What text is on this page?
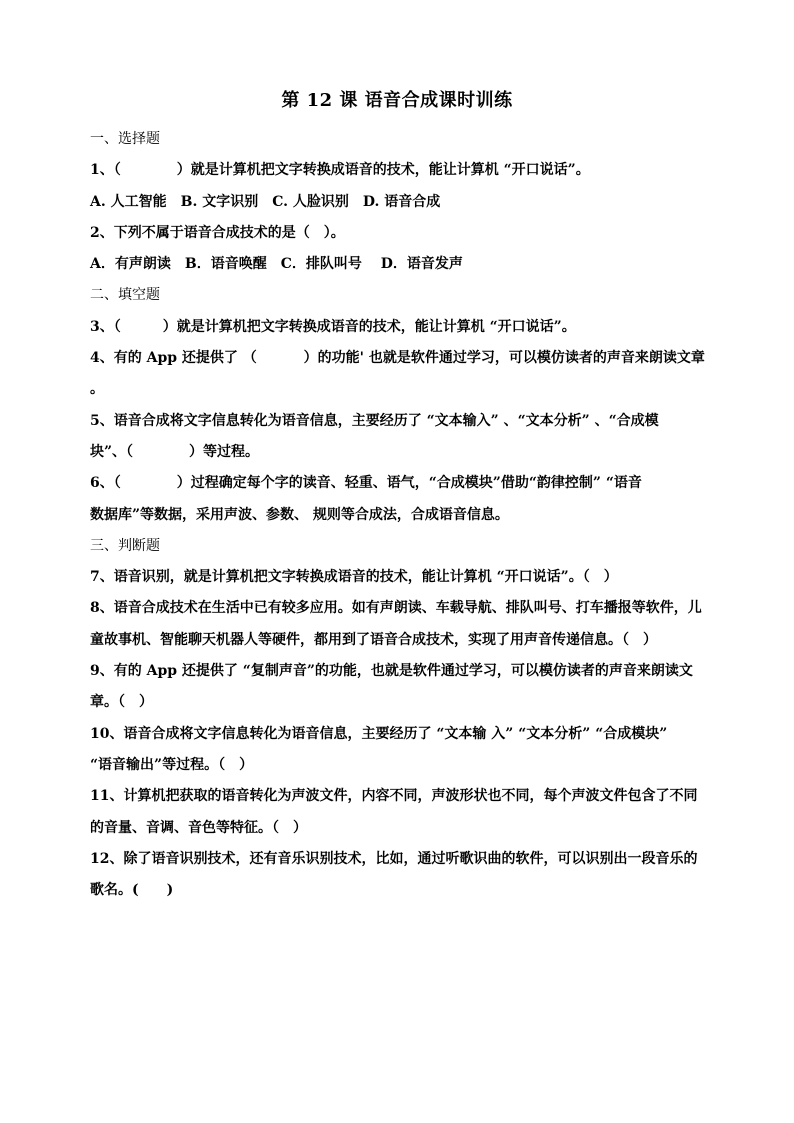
第 12 课 语音合成课时训练
一、选择题
1、（　　　　）就是计算机把文字转换成语音的技术，能让计算机 “开口说话”。
A. 人工智能　B. 文字识别　C. 人脸识别　D. 语音合成
2、下列不属于语音合成技术的是（　）。
A．有声朗读　B．语音唤醒　C．排队叫号　 D．语音发声
二、填空题
3、（　　　）就是计算机把文字转换成语音的技术，能让计算机 “开口说话”。
4、有的 App 还提供了 （　　　 ）的功能' 也就是软件通过学习，可以模仿读者的声音来朗读文章
。
5、语音合成将文字信息转化为语音信息，主要经历了 “文本输入” 、“文本分析” 、“合成模
块”、（　　　　）等过程。
6、（　　　　）过程确定每个字的读音、轻重、语气，“合成模块”借助“韵律控制” “语音
数据库”等数据，采用声波、参数、 规则等合成法，合成语音信息。
三、判断题
7、语音识别，就是计算机把文字转换成语音的技术，能让计算机 “开口说话”。（　）
8、语音合成技术在生活中已有较多应用。如有声朗读、车载导航、排队叫号、打车播报等软件，儿
童故事机、智能聊天机器人等硬件，都用到了语音合成技术，实现了用声音传递信息。（　）
9、有的 App 还提供了 “复制声音”的功能，也就是软件通过学习，可以模仿读者的声音来朗读文
章。（　）
10、语音合成将文字信息转化为语音信息，主要经历了 “文本输 入” “文本分析” “合成模块”
“语音输出”等过程。（　）
11、计算机把获取的语音转化为声波文件，内容不同，声波形状也不同，每个声波文件包含了不同
的音量、音调、音色等特征。（　）
12、除了语音识别技术，还有音乐识别技术，比如，通过听歌识曲的软件，可以识别出一段音乐的
歌名。(　　)
